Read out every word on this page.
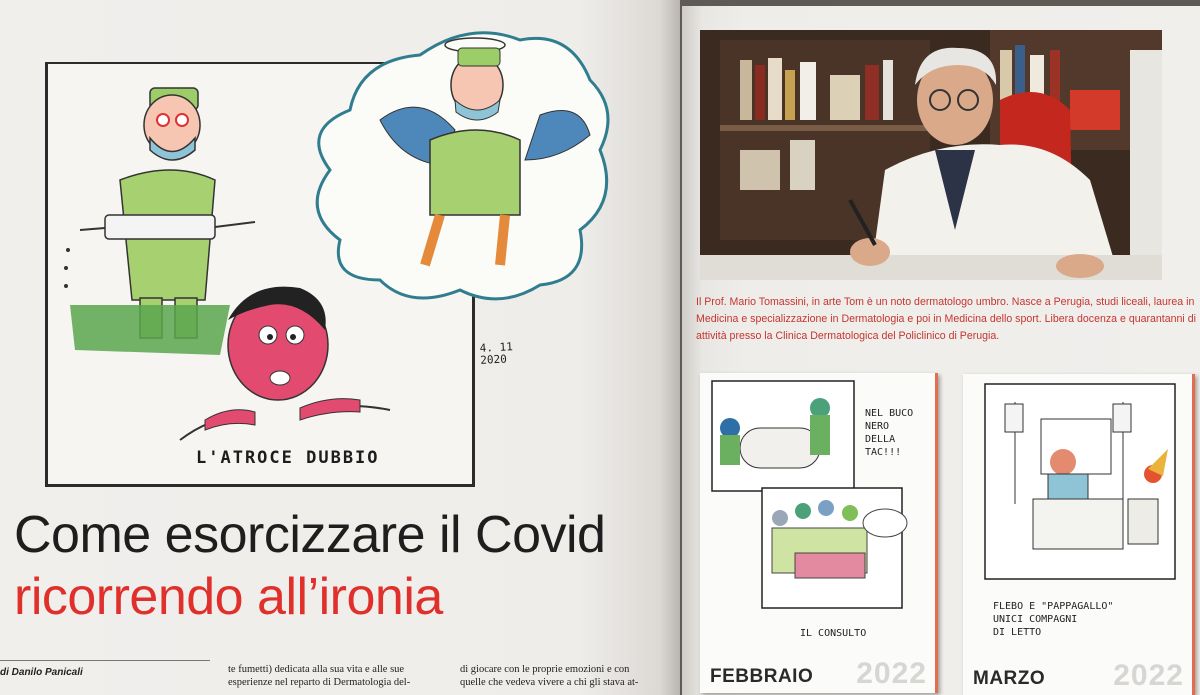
4. 11
2020
L'ATROCE DUBBIO
Come esorcizzare il Covid
ricorrendo all’ironia
di Danilo Panicali	te fumetti) dedicata alla sua vita e alle sue
esperienze nel reparto di Dermatologia del-
di giocare con le proprie emozioni e con
quelle che vedeva vivere a chi gli stava at-
Il Prof. Mario Tomassini, in arte Tom è un noto dermatologo umbro. Nasce a Perugia, studi liceali, laurea in Medicina e specializzazione in Dermatologia e poi in Medicina dello sport. Libera docenza e quarantanni di attività presso la Clinica Dermatologica del Policlinico di Perugia.
NEL BUCO
NERO
DELLA
TAC!!!
IL CONSULTO
FEBBRAIO 2022
FLEBO E "PAPPAGALLO"
UNICI COMPAGNI
DI LETTO
MARZO 2022
